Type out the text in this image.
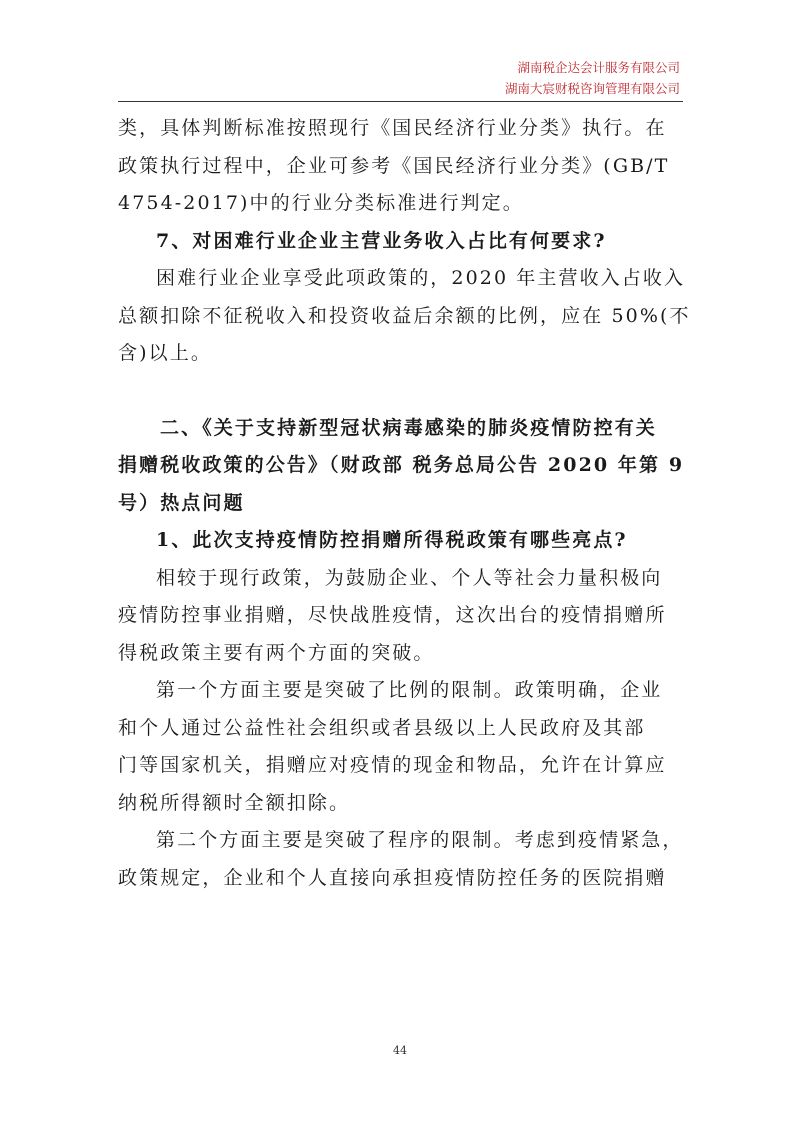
湖南税企达会计服务有限公司
湖南大宸财税咨询管理有限公司

类，具体判断标准按照现行《国民经济行业分类》执行。在

政策执行过程中，企业可参考《国民经济行业分类》(GB/T

4754-2017)中的行业分类标准进行判定。

7、对困难行业企业主营业务收入占比有何要求?

困难行业企业享受此项政策的，2020 年主营收入占收入

总额扣除不征税收入和投资收益后余额的比例，应在 50%(不

含)以上。

二、《关于支持新型冠状病毒感染的肺炎疫情防控有关

捐赠税收政策的公告》（财政部 税务总局公告 2020 年第 9

号）热点问题

1、此次支持疫情防控捐赠所得税政策有哪些亮点?

相较于现行政策，为鼓励企业、个人等社会力量积极向

疫情防控事业捐赠，尽快战胜疫情，这次出台的疫情捐赠所

得税政策主要有两个方面的突破。

第一个方面主要是突破了比例的限制。政策明确，企业

和个人通过公益性社会组织或者县级以上人民政府及其部

门等国家机关，捐赠应对疫情的现金和物品，允许在计算应

纳税所得额时全额扣除。

第二个方面主要是突破了程序的限制。考虑到疫情紧急，

政策规定，企业和个人直接向承担疫情防控任务的医院捐赠

44
